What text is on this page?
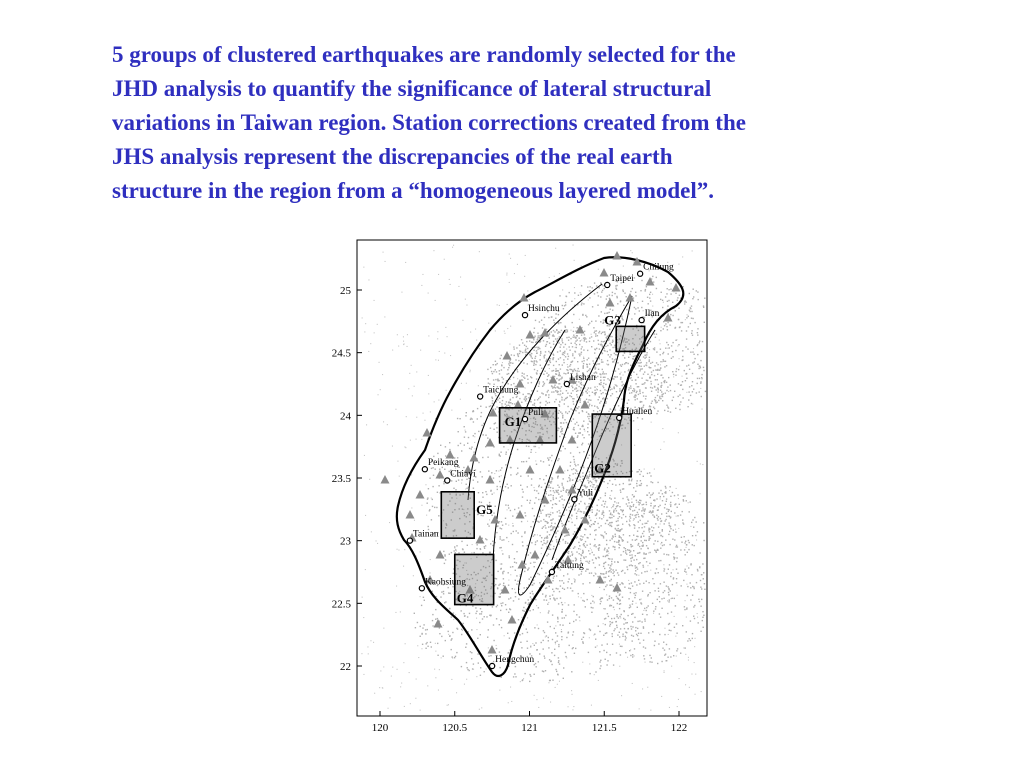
5 groups of clustered earthquakes are randomly selected for the
JHD analysis to quantify the significance of lateral structural
variations in Taiwan region. Station corrections created from the
JHS analysis represent the discrepancies of the real earth
structure in the region from a “homogeneous layered model”.
G1
G2
G3
G4
G5
Chilung
Taipei
Hsinchu
Ilan
Lishan
Taichung
Puli	Hualien
Peikang
Chiayi
Yuli
Tainan
Taitung
Kaohsiung
Hengchun
120	120.5	121	121.5	122
25
24.5
24
23.5
23
22.5
22
